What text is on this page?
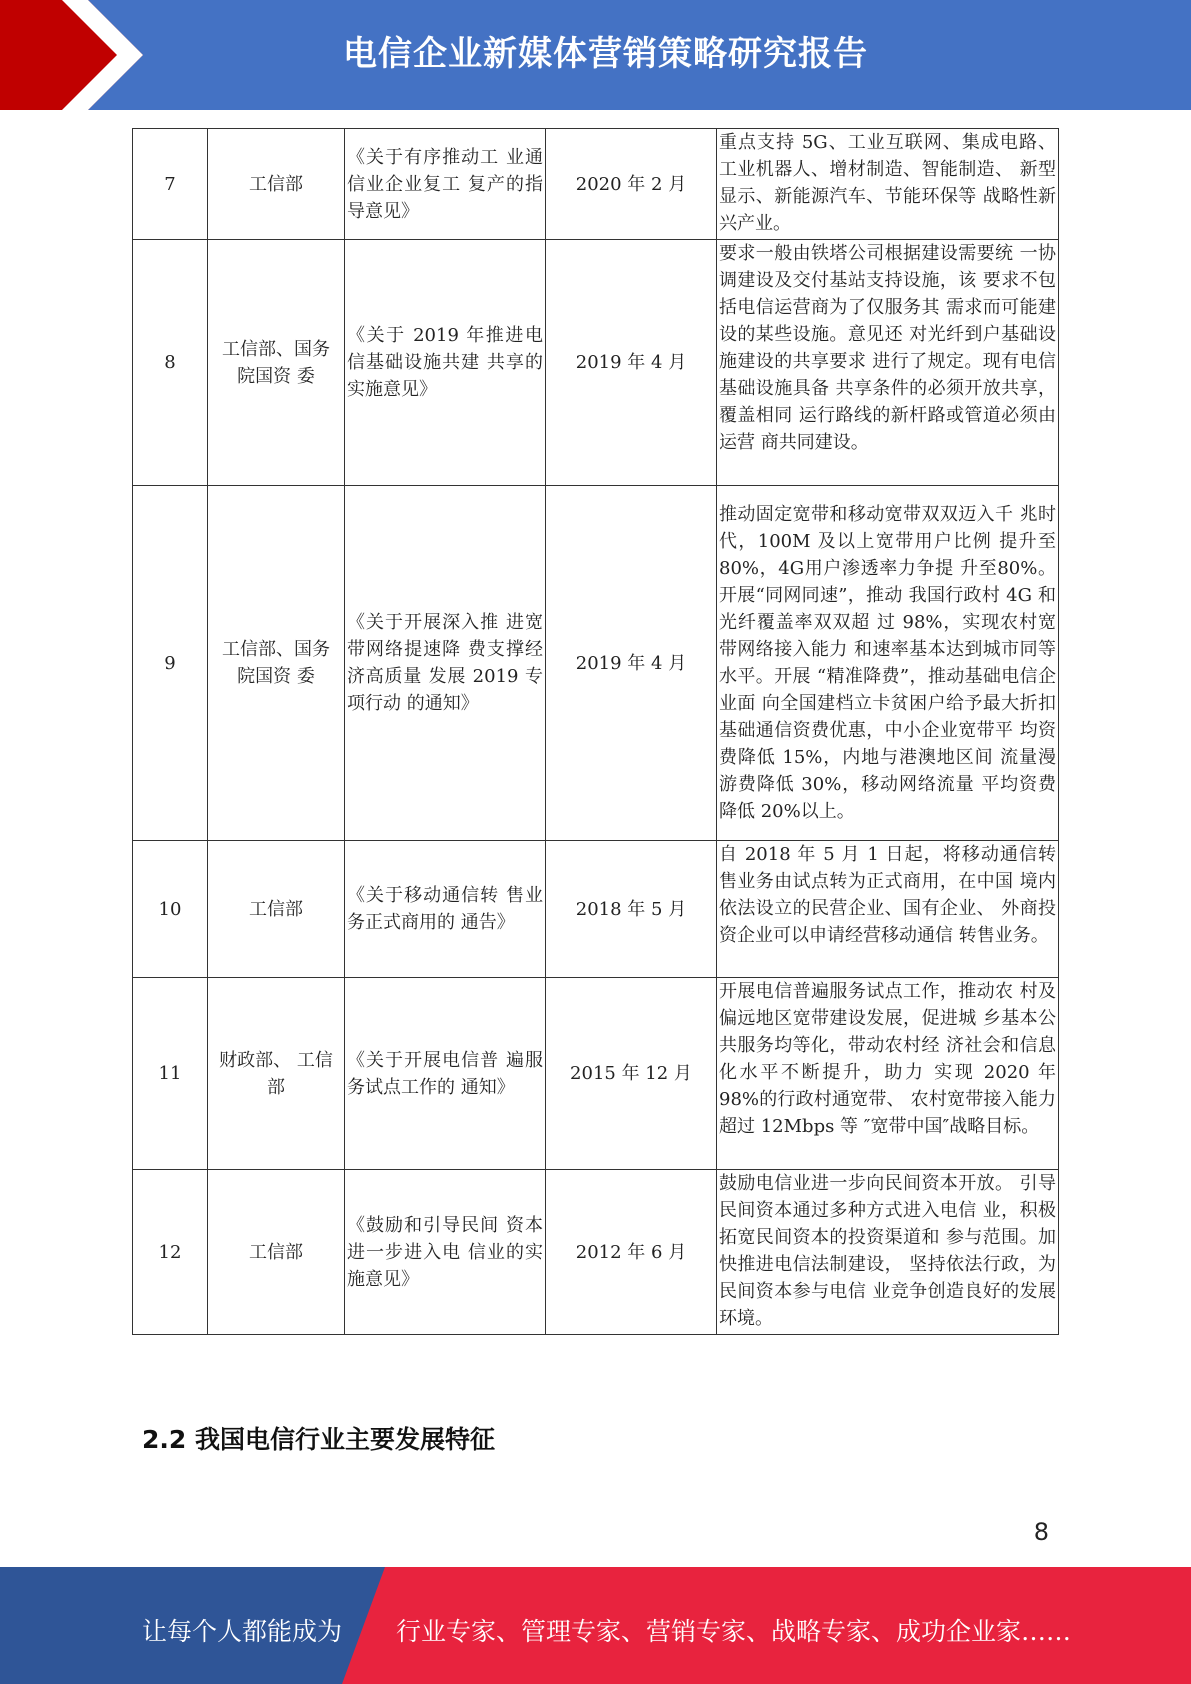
电信企业新媒体营销策略研究报告
7	工信部	《关于有序推动工 业通信业企业复工 复产的指导意见》	2020 年 2 月	重点支持 5G、工业互联网、集成电路、工业机器人、增材制造、智能制造、 新型显示、新能源汽车、节能环保等 战略性新兴产业。
8	工信部、国务院国资 委	《关于 2019 年推进电信基础设施共建 共享的实施意见》	2019 年 4 月	要求一般由铁塔公司根据建设需要统 一协调建设及交付基站支持设施，该 要求不包括电信运营商为了仅服务其 需求而可能建设的某些设施。意见还 对光纤到户基础设施建设的共享要求 进行了规定。现有电信基础设施具备 共享条件的必须开放共享，覆盖相同 运行路线的新杆路或管道必须由运营 商共同建设。
9	工信部、国务院国资 委	《关于开展深入推 进宽带网络提速降 费支撑经济高质量 发展 2019 专项行动 的通知》	2019 年 4 月	推动固定宽带和移动宽带双双迈入千 兆时代，100M 及以上宽带用户比例 提升至80%，4G用户渗透率力争提 升至80%。开展“同网同速”，推动 我国行政村 4G 和光纤覆盖率双双超 过 98%，实现农村宽带网络接入能力 和速率基本达到城市同等水平。开展 “精准降费”，推动基础电信企业面 向全国建档立卡贫困户给予最大折扣 基础通信资费优惠，中小企业宽带平 均资费降低 15%，内地与港澳地区间 流量漫游费降低 30%，移动网络流量 平均资费降低 20%以上。
10	工信部	《关于移动通信转 售业务正式商用的 通告》	2018 年 5 月	自 2018 年 5 月 1 日起，将移动通信转 售业务由试点转为正式商用，在中国 境内依法设立的民营企业、国有企业、 外商投资企业可以申请经营移动通信 转售业务。
11	财政部、 工信部	《关于开展电信普 遍服务试点工作的 通知》	2015 年 12 月	开展电信普遍服务试点工作，推动农 村及偏远地区宽带建设发展，促进城 乡基本公共服务均等化，带动农村经 济社会和信息化水平不断提升，助力 实现 2020 年 98%的行政村通宽带、 农村宽带接入能力超过 12Mbps 等 ″宽带中国″战略目标。
12	工信部	《鼓励和引导民间 资本进一步进入电 信业的实施意见》	2012 年 6 月	鼓励电信业进一步向民间资本开放。 引导民间资本通过多种方式进入电信 业，积极拓宽民间资本的投资渠道和 参与范围。加快推进电信法制建设， 坚持依法行政，为民间资本参与电信 业竞争创造良好的发展环境。
2.2 我国电信行业主要发展特征
8
让每个人都能成为 行业专家、管理专家、营销专家、战略专家、成功企业家……
